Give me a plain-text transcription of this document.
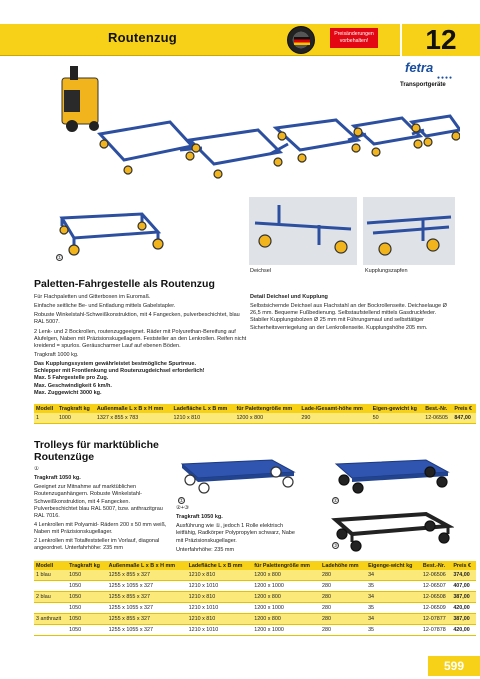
Routenzug	Preisänderungen vorbehalten!	12
fetra
●●●●
Transportgeräte
①
Deichsel	Kupplungszapfen
Paletten-Fahrgestelle als Routenzug

Für Flachpaletten und Gitterboxen im Euromaß.

Einfache seitliche Be- und Entladung mittels Gabelstapler.

Robuste Winkelstahl-Schweißkonstruktion, mit 4 Fangecken, pulverbeschichtet, blau RAL 5007.

2 Lenk- und 2 Bockrollen, routenzuggeeignet. Räder mit Polyurethan-Bereifung auf Alufelgen, Naben mit Präzisionskugellagern. Feststeller an den Lenkrollen. Reifen nicht kreidend = spurlos. Geräuscharmer Lauf auf ebenen Böden.

Tragkraft 1000 kg.

Das Kupplungssystem gewährleistet bestmögliche Spurtreue.
Schlepper mit Frontlenkung und Routenzugdeichsel erforderlich!
Max. 5 Fahrgestelle pro Zug.
Max. Geschwindigkeit 6 km/h.
Max. Zuggewicht 3000 kg.

Detail Deichsel und Kupplung

Selbstsichernde Deichsel aus Flachstahl an der Bockrollenseite. Deichselauge Ø 26,5 mm. Bequeme Fußbedienung. Selbstaufstellend mittels Gasdruckfeder. Stabiler Kupplungsbolzen Ø 25 mm mit Führungsmaul und selbsttätiger Sicherheitsverriegelung an der Lenkrollenseite. Kupplungshöhe 205 mm.

Modell	Tragkraft kg	Außenmaße L x B x H mm	Ladefläche L x B mm	für Palettengröße mm	Lade-/Gesamt-höhe mm	Eigen-gewicht kg	Best.-Nr.	Preis €
1	1000	1327 x 855 x 783	1210 x 810	1200 x 800	290	50	12-06505	847,00
Trolleys für marktübliche Routenzüge

①

Tragkraft 1050 kg.

Geeignet zur Mitnahme auf marktüblichen Routenzuganhängern. Robuste Winkelstahl-Schweißkonstruktion, mit 4 Fangecken. Pulverbeschichtet blau RAL 5007, bzw. anthrazitgrau RAL 7016.

4 Lenkrollen mit Polyamid- Rädern 200 x 50 mm weiß, Naben mit Präzisionskugellager.

2 Lenkrollen mit Totalfeststeller im Vorlauf, diagonal angeordnet. Unterfahrhöhe: 235 mm

②+③

Tragkraft 1050 kg.

Ausführung wie ①, jedoch 1 Rolle elektrisch leitfähig, Radkörper Polypropylen schwarz, Nabe mit Präzisionskugellager.

Unterfahrhöhe: 235 mm

①	②
③
Modell	Tragkraft kg	Außenmaße L x B x H mm	Ladefläche L x B mm	für Palettengröße mm	Ladehöhe mm	Eigenge-wicht kg	Best.-Nr.	Preis €
1 blau	1050	1255 x 855 x 327	1210 x 810	1200 x 800	280	34	12-06506	374,00
	1050	1255 x 1055 x 327	1210 x 1010	1200 x 1000	280	35	12-06507	407,00
2 blau	1050	1255 x 855 x 327	1210 x 810	1200 x 800	280	34	12-06508	387,00
	1050	1255 x 1055 x 327	1210 x 1010	1200 x 1000	280	35	12-06509	420,00
3 anthrazit	1050	1255 x 855 x 327	1210 x 810	1200 x 800	280	34	12-07877	387,00
	1050	1255 x 1055 x 327	1210 x 1010	1200 x 1000	280	35	12-07878	420,00
599
